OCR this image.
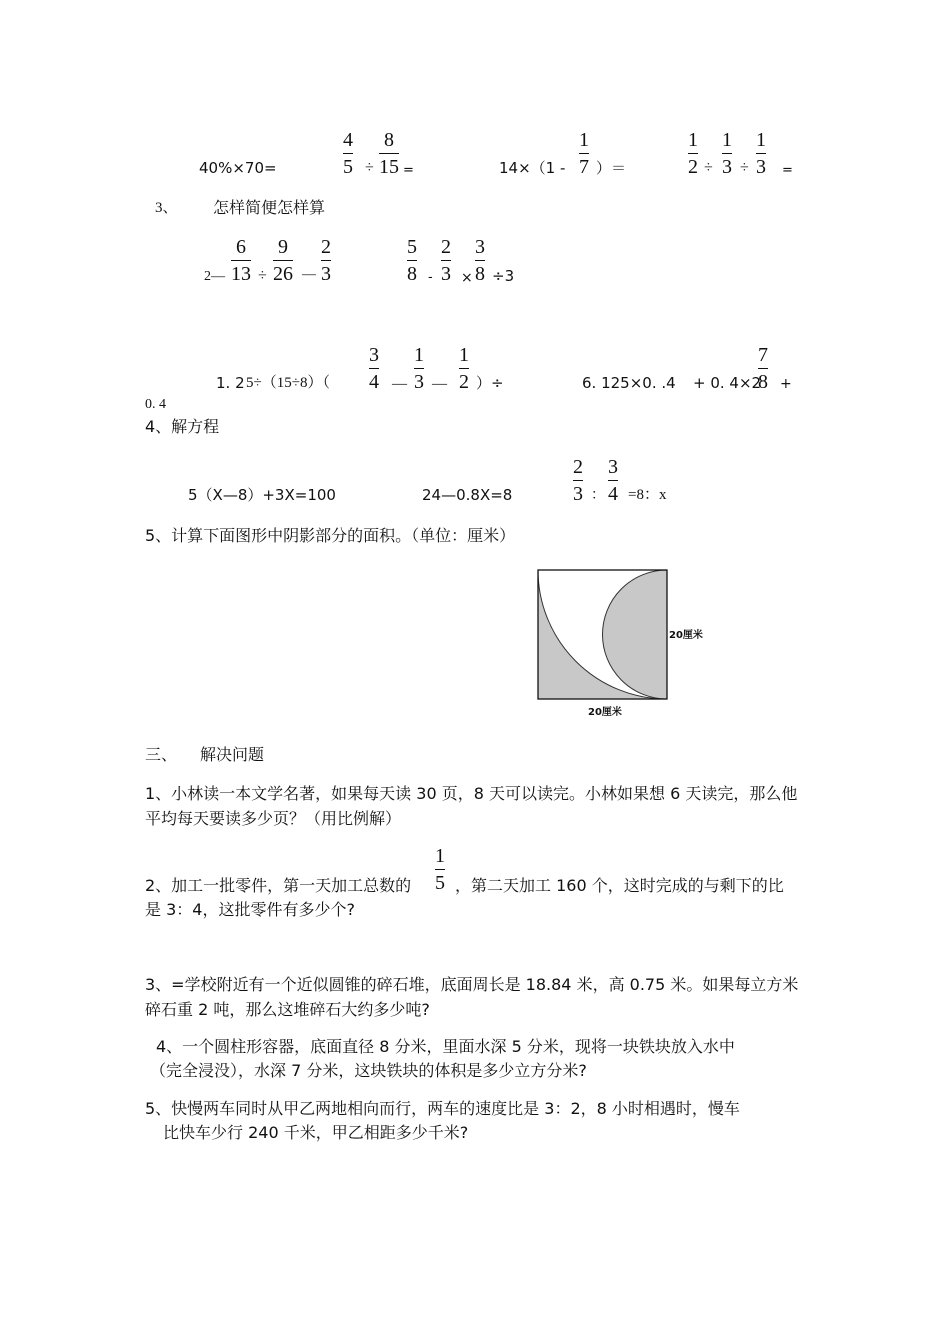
40%×70=
4
5 ÷
8
15 =	14×（1 -
1
7 ）＝
1
2 ÷
1
3 ÷
1
3 =
3、 怎样简便怎样算
2—
6
13 ÷
9
26 —
2
3
5
8 -
2
3 ×
3
8 ÷3
1. 2 5÷（15÷8）（
3
4 —
1
3 —
1
2 ）÷	6. 125×0. .4 + 0. 4×2
7
8 +
0. 4
4、解方程
5（X—8）+3X=100	24—0.8X=8
2
3 ：
3
4 =8：x
5、计算下面图形中阴影部分的面积。（单位：厘米）
20厘米
20厘米
三、 解决问题
1、小林读一本文学名著，如果每天读 30 页，8 天可以读完。小林如果想 6 天读完，那么他平均每天要读多少页？（用比例解）
1
5
2、加工一批零件，第一天加工总数的	，第二天加工 160 个，这时完成的与剩下的比
是 3：4，这批零件有多少个?
3、=学校附近有一个近似圆锥的碎石堆，底面周长是 18.84 米，高 0.75 米。如果每立方米碎石重 2 吨，那么这堆碎石大约多少吨?
4、一个圆柱形容器，底面直径 8 分米，里面水深 5 分米，现将一块铁块放入水中
（完全浸没），水深 7 分米，这块铁块的体积是多少立方分米?
5、快慢两车同时从甲乙两地相向而行，两车的速度比是 3：2，8 小时相遇时，慢车
比快车少行 240 千米，甲乙相距多少千米?
